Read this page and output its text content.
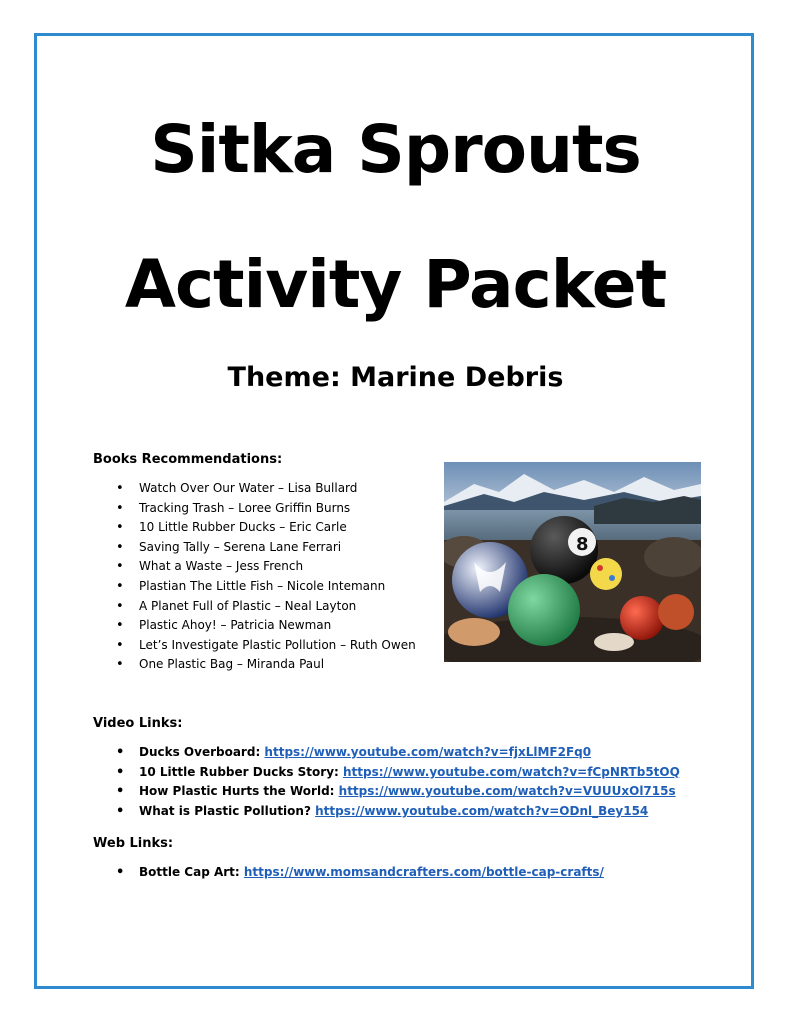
Sitka Sprouts
Activity Packet
Theme: Marine Debris
Books Recommendations:
• Watch Over Our Water – Lisa Bullard
• Tracking Trash – Loree Griffin Burns
• 10 Little Rubber Ducks – Eric Carle
• Saving Tally – Serena Lane Ferrari
• What a Waste – Jess French
• Plastian The Little Fish – Nicole Intemann
• A Planet Full of Plastic – Neal Layton
• Plastic Ahoy! – Patricia Newman
• Let’s Investigate Plastic Pollution – Ruth Owen
• One Plastic Bag – Miranda Paul
8
Video Links:
• Ducks Overboard: https://www.youtube.com/watch?v=fjxLlMF2Fq0
• 10 Little Rubber Ducks Story: https://www.youtube.com/watch?v=fCpNRTb5tOQ
• How Plastic Hurts the World: https://www.youtube.com/watch?v=VUUUxOl715s
• What is Plastic Pollution? https://www.youtube.com/watch?v=ODnl_Bey154
Web Links:
• Bottle Cap Art: https://www.momsandcrafters.com/bottle-cap-crafts/
